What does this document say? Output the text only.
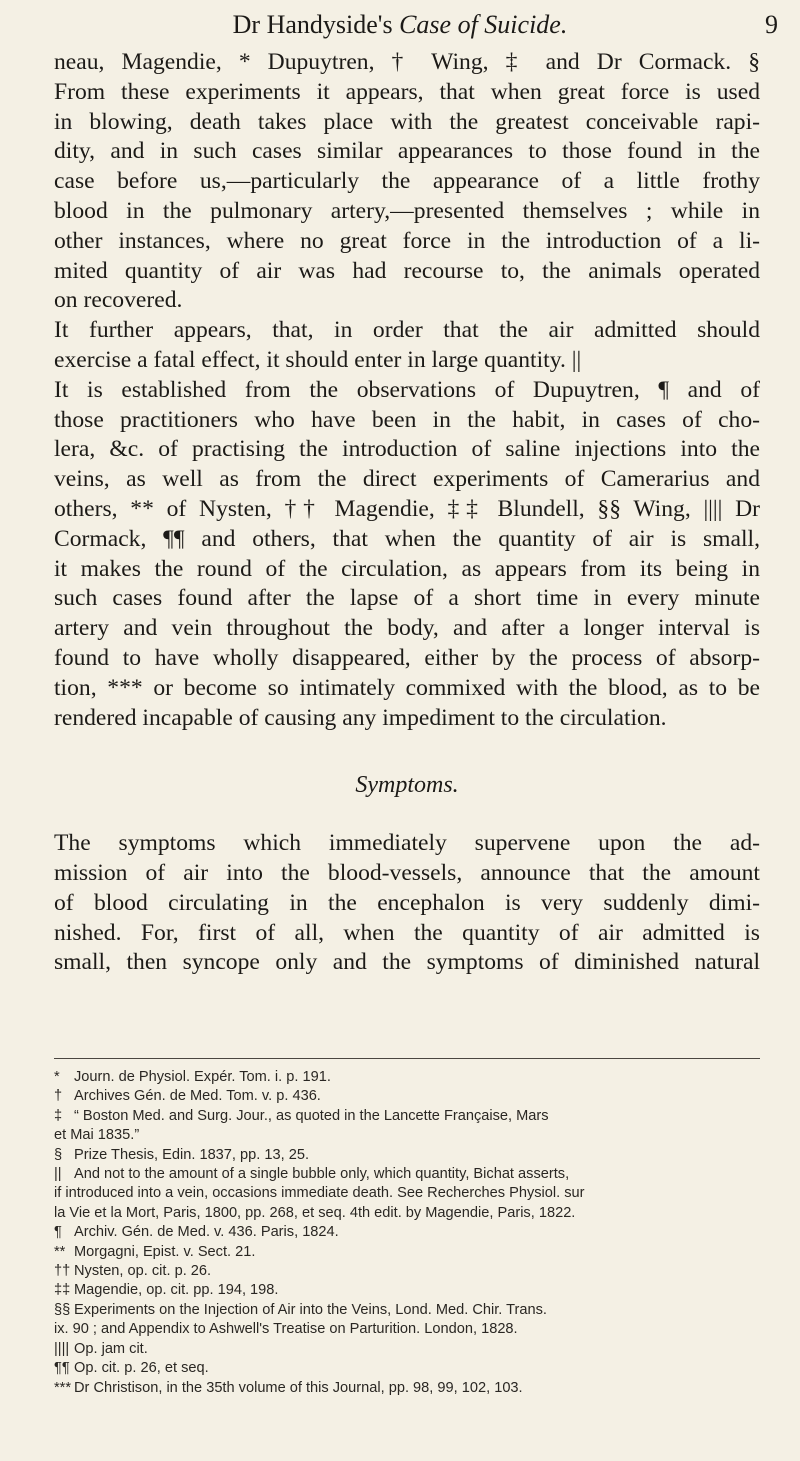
Dr Handyside's Case of Suicide.	9

neau, Magendie, * Dupuytren, † Wing, ‡ and Dr Cormack. §
From these experiments it appears, that when great force is used
in blowing, death takes place with the greatest conceivable rapi-
dity, and in such cases similar appearances to those found in the
case before us,—particularly the appearance of a little frothy
blood in the pulmonary artery,—presented themselves ; while in
other instances, where no great force in the introduction of a li-
mited quantity of air was had recourse to, the animals operated
on recovered.

It further appears, that, in order that the air admitted should
exercise a fatal effect, it should enter in large quantity. ||
It is established from the observations of Dupuytren, ¶ and of
those practitioners who have been in the habit, in cases of cho-
lera, &c. of practising the introduction of saline injections into the
veins, as well as from the direct experiments of Camerarius and
others, ** of Nysten, †† Magendie, ‡‡ Blundell, §§ Wing, |||| Dr
Cormack, ¶¶ and others, that when the quantity of air is small,
it makes the round of the circulation, as appears from its being in
such cases found after the lapse of a short time in every minute
artery and vein throughout the body, and after a longer interval is
found to have wholly disappeared, either by the process of absorp-
tion, *** or become so intimately commixed with the blood, as to be
rendered incapable of causing any impediment to the circulation.

Symptoms.

The symptoms which immediately supervene upon the ad-
mission of air into the blood-vessels, announce that the amount
of blood circulating in the encephalon is very suddenly dimi-
nished. For, first of all, when the quantity of air admitted is
small, then syncope only and the symptoms of diminished natural

* Journ. de Physiol. Expér. Tom. i. p. 191.
† Archives Gén. de Med. Tom. v. p. 436.
‡ “ Boston Med. and Surg. Jour., as quoted in the Lancette Française, Mars
et Mai 1835.”
§ Prize Thesis, Edin. 1837, pp. 13, 25.
|| And not to the amount of a single bubble only, which quantity, Bichat asserts,
if introduced into a vein, occasions immediate death. See Recherches Physiol. sur
la Vie et la Mort, Paris, 1800, pp. 268, et seq. 4th edit. by Magendie, Paris, 1822.
¶ Archiv. Gén. de Med. v. 436. Paris, 1824.
** Morgagni, Epist. v. Sect. 21.
†† Nysten, op. cit. p. 26.
‡‡ Magendie, op. cit. pp. 194, 198.
§§ Experiments on the Injection of Air into the Veins, Lond. Med. Chir. Trans.
ix. 90 ; and Appendix to Ashwell's Treatise on Parturition. London, 1828.
|||| Op. jam cit.
¶¶ Op. cit. p. 26, et seq.
*** Dr Christison, in the 35th volume of this Journal, pp. 98, 99, 102, 103.
